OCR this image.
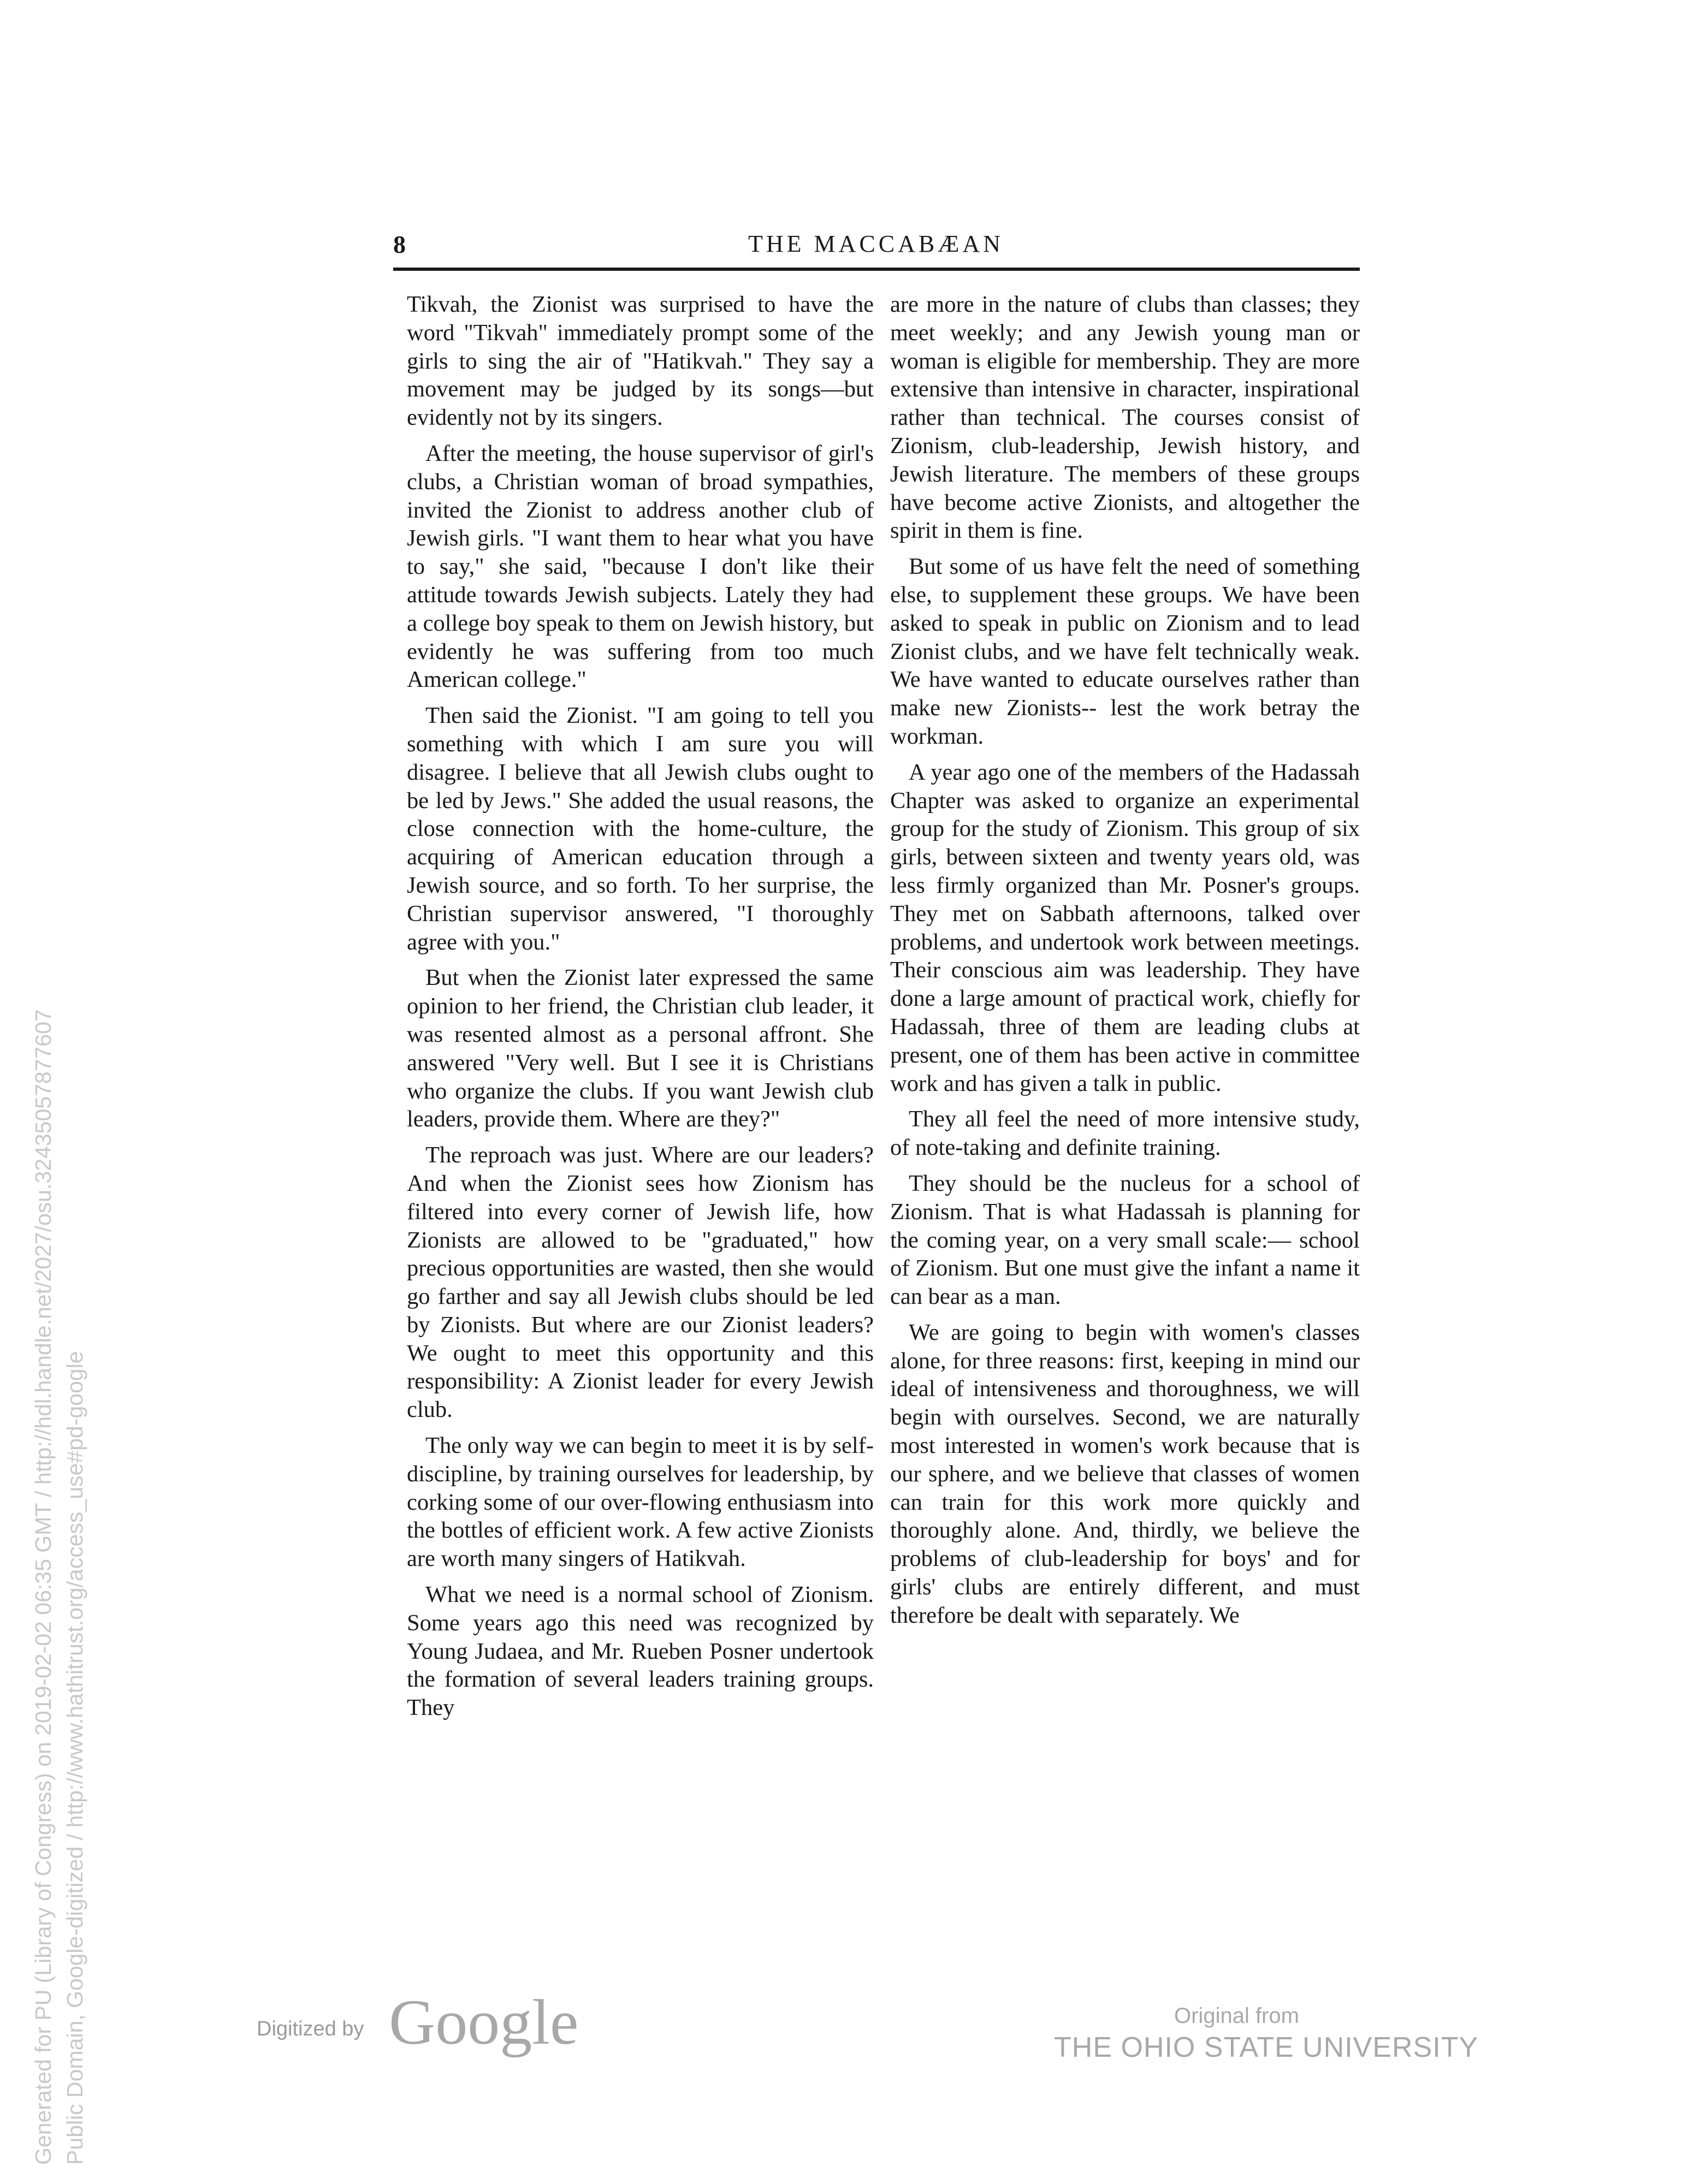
8	THE MACCABÆAN

Tikvah, the Zionist was surprised to have the word "Tikvah" immediately prompt some of the girls to sing the air of "Hatikvah." They say a movement may be judged by its songs—but evidently not by its singers.

After the meeting, the house supervisor of girl's clubs, a Christian woman of broad sympathies, invited the Zionist to address another club of Jewish girls. "I want them to hear what you have to say," she said, "because I don't like their attitude towards Jewish subjects. Lately they had a college boy speak to them on Jewish history, but evidently he was suffering from too much American college."

Then said the Zionist. "I am going to tell you something with which I am sure you will disagree. I believe that all Jewish clubs ought to be led by Jews." She added the usual reasons, the close connection with the home-culture, the acquiring of American education through a Jewish source, and so forth. To her surprise, the Christian supervisor answered, "I thoroughly agree with you."

But when the Zionist later expressed the same opinion to her friend, the Christian club leader, it was resented almost as a personal affront. She answered "Very well. But I see it is Christians who organize the clubs. If you want Jewish club leaders, provide them. Where are they?"

The reproach was just. Where are our leaders? And when the Zionist sees how Zionism has filtered into every corner of Jewish life, how Zionists are allowed to be "graduated," how precious opportunities are wasted, then she would go farther and say all Jewish clubs should be led by Zionists. But where are our Zionist leaders? We ought to meet this opportunity and this responsibility: A Zionist leader for every Jewish club.

The only way we can begin to meet it is by self-discipline, by training ourselves for leadership, by corking some of our over-flowing enthusiasm into the bottles of efficient work. A few active Zionists are worth many singers of Hatikvah.

What we need is a normal school of Zionism. Some years ago this need was recognized by Young Judaea, and Mr. Rueben Posner undertook the formation of several leaders training groups. They

are more in the nature of clubs than classes; they meet weekly; and any Jewish young man or woman is eligible for membership. They are more extensive than intensive in character, inspirational rather than technical. The courses consist of Zionism, club-leadership, Jewish history, and Jewish literature. The members of these groups have become active Zionists, and altogether the spirit in them is fine.

But some of us have felt the need of something else, to supplement these groups. We have been asked to speak in public on Zionism and to lead Zionist clubs, and we have felt technically weak. We have wanted to educate ourselves rather than make new Zionists-- lest the work betray the workman.

A year ago one of the members of the Hadassah Chapter was asked to organize an experimental group for the study of Zionism. This group of six girls, between sixteen and twenty years old, was less firmly organized than Mr. Posner's groups. They met on Sabbath afternoons, talked over problems, and undertook work between meetings. Their conscious aim was leadership. They have done a large amount of practical work, chiefly for Hadassah, three of them are leading clubs at present, one of them has been active in committee work and has given a talk in public.

They all feel the need of more intensive study, of note-taking and definite training.

They should be the nucleus for a school of Zionism. That is what Hadassah is planning for the coming year, on a very small scale:— school of Zionism. But one must give the infant a name it can bear as a man.

We are going to begin with women's classes alone, for three reasons: first, keeping in mind our ideal of intensiveness and thoroughness, we will begin with ourselves. Second, we are naturally most interested in women's work because that is our sphere, and we believe that classes of women can train for this work more quickly and thoroughly alone. And, thirdly, we believe the problems of club-leadership for boys' and for girls' clubs are entirely different, and must therefore be dealt with separately. We

Generated for PU (Library of Congress) on 2019-02-02 06:35 GMT / http://hdl.handle.net/2027/osu.32435057877607 Public Domain, Google-digitized / http://www.hathitrust.org/access_use#pd-google	Digitized by Google	Original from
THE OHIO STATE UNIVERSITY
